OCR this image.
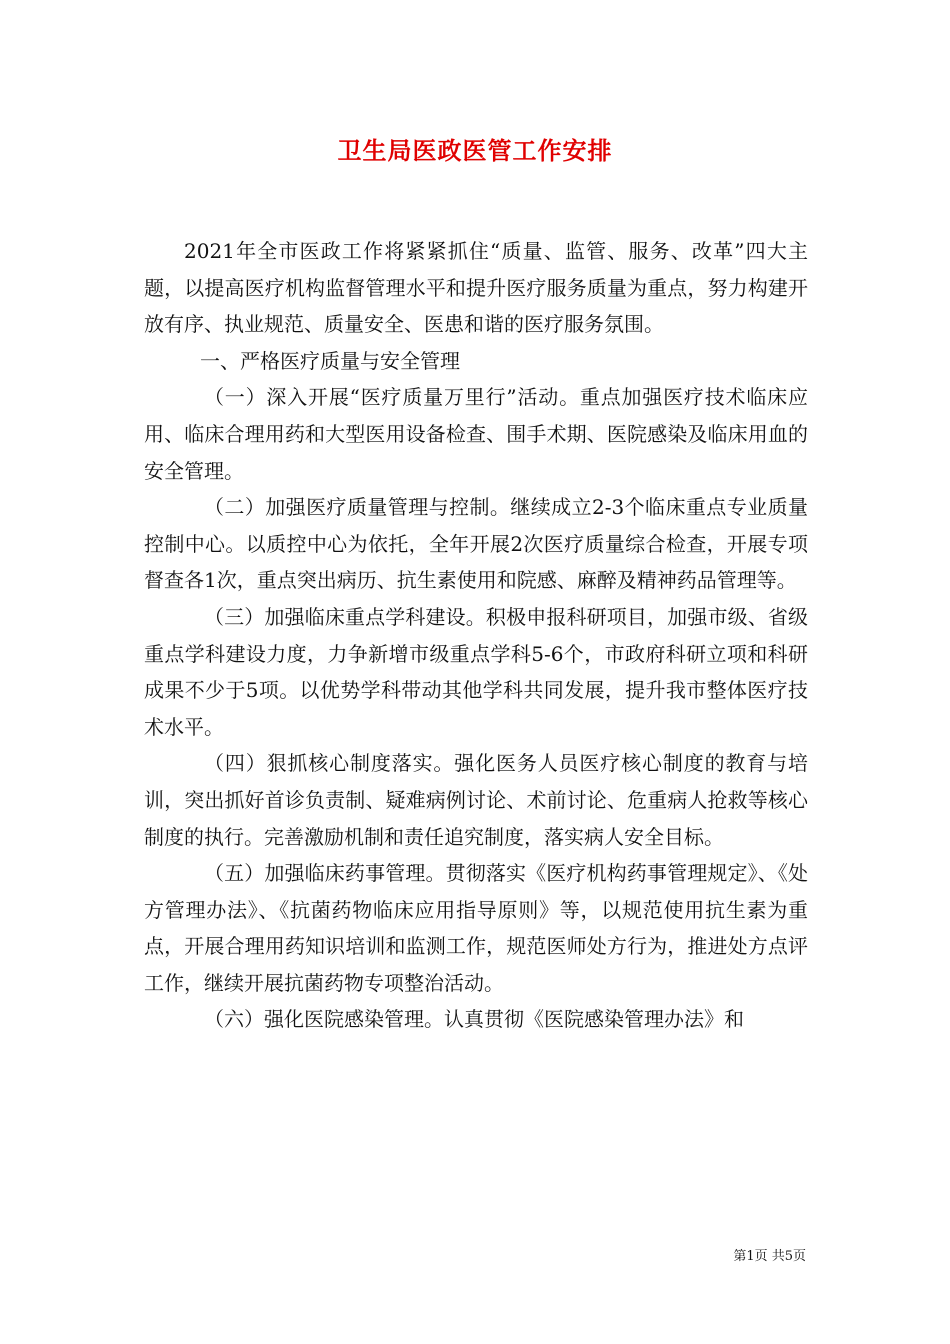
卫生局医政医管工作安排

2021年全市医政工作将紧紧抓住“质量、监管、服务、改革”四大主题，以提高医疗机构监督管理水平和提升医疗服务质量为重点，努力构建开放有序、执业规范、质量安全、医患和谐的医疗服务氛围。

一、严格医疗质量与安全管理

（一）深入开展“医疗质量万里行”活动。重点加强医疗技术临床应用、临床合理用药和大型医用设备检查、围手术期、医院感染及临床用血的安全管理。

（二）加强医疗质量管理与控制。继续成立2-3个临床重点专业质量控制中心。以质控中心为依托，全年开展2次医疗质量综合检查，开展专项督查各1次，重点突出病历、抗生素使用和院感、麻醉及精神药品管理等。

（三）加强临床重点学科建设。积极申报科研项目，加强市级、省级重点学科建设力度，力争新增市级重点学科5-6个，市政府科研立项和科研成果不少于5项。以优势学科带动其他学科共同发展，提升我市整体医疗技术水平。

（四）狠抓核心制度落实。强化医务人员医疗核心制度的教育与培训，突出抓好首诊负责制、疑难病例讨论、术前讨论、危重病人抢救等核心制度的执行。完善激励机制和责任追究制度，落实病人安全目标。

（五）加强临床药事管理。贯彻落实《医疗机构药事管理规定》、《处方管理办法》、《抗菌药物临床应用指导原则》等，以规范使用抗生素为重点，开展合理用药知识培训和监测工作，规范医师处方行为，推进处方点评工作，继续开展抗菌药物专项整治活动。

（六）强化医院感染管理。认真贯彻《医院感染管理办法》和

第1页 共5页
